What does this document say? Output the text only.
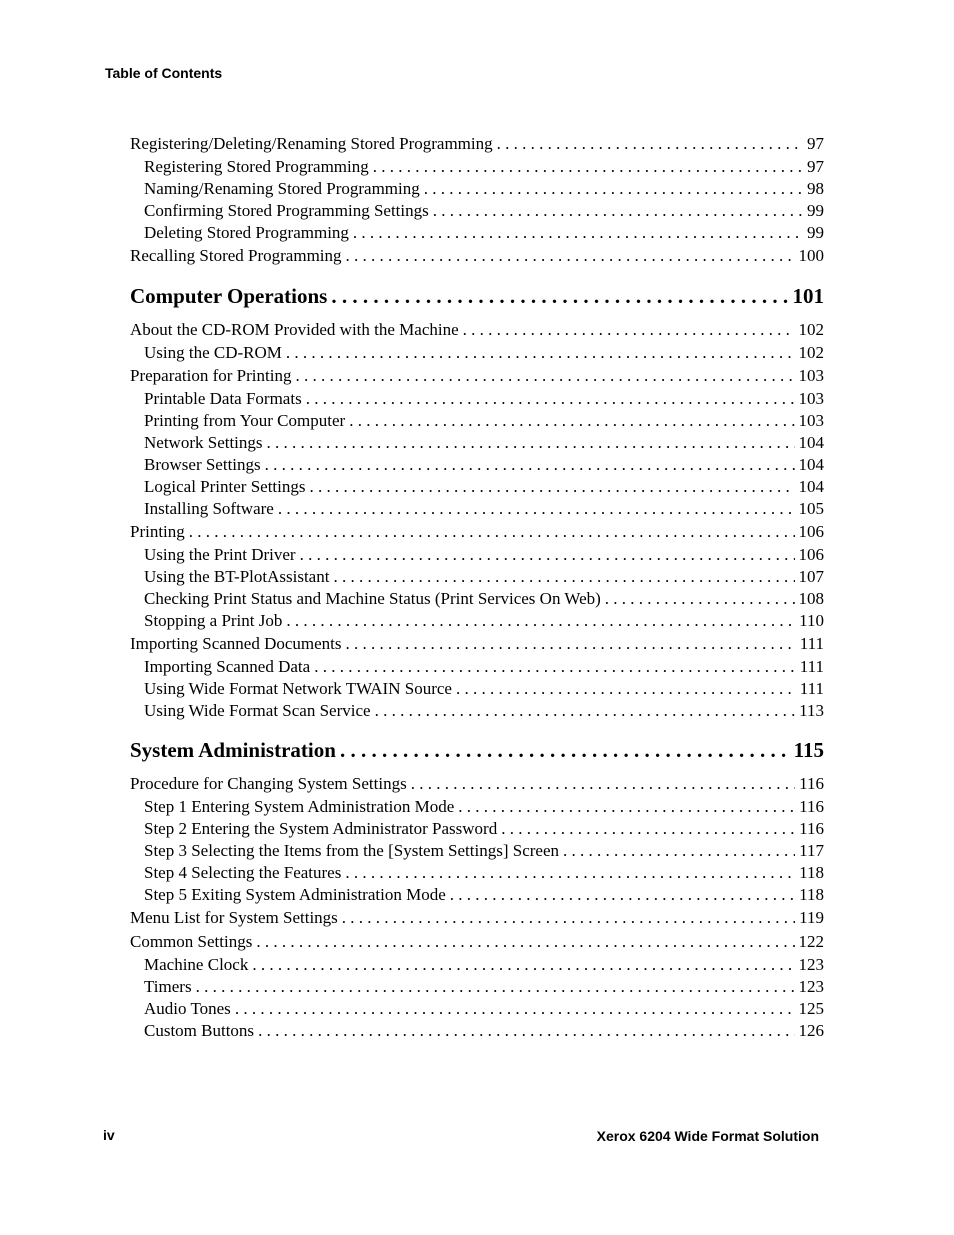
Table of Contents
Registering/Deleting/Renaming Stored Programming . . .	97
Registering Stored Programming . . .	97
Naming/Renaming Stored Programming . . .	98
Confirming Stored Programming Settings . . .	99
Deleting Stored Programming . . .	99
Recalling Stored Programming . . .	100
Computer Operations . . .	101
About the CD-ROM Provided with the Machine . . .	102
Using the CD-ROM . . .	102
Preparation for Printing . . .	103
Printable Data Formats . . .	103
Printing from Your Computer . . .	103
Network Settings . . .	104
Browser Settings . . .	104
Logical Printer Settings . . .	104
Installing Software . . .	105
Printing . . .	106
Using the Print Driver . . .	106
Using the BT-PlotAssistant . . .	107
Checking Print Status and Machine Status (Print Services On Web) . . .	108
Stopping a Print Job . . .	110
Importing Scanned Documents . . .	111
Importing Scanned Data . . .	111
Using Wide Format Network TWAIN Source . . .	111
Using Wide Format Scan Service . . .	113
System Administration . . .	115
Procedure for Changing System Settings . . .	116
Step 1 Entering System Administration Mode . . .	116
Step 2 Entering the System Administrator Password . . .	116
Step 3 Selecting the Items from the [System Settings] Screen . . .	117
Step 4 Selecting the Features . . .	118
Step 5 Exiting System Administration Mode . . .	118
Menu List for System Settings . . .	119
Common Settings . . .	122
Machine Clock . . .	123
Timers . . .	123
Audio Tones . . .	125
Custom Buttons . . .	126
iv	Xerox 6204 Wide Format Solution
